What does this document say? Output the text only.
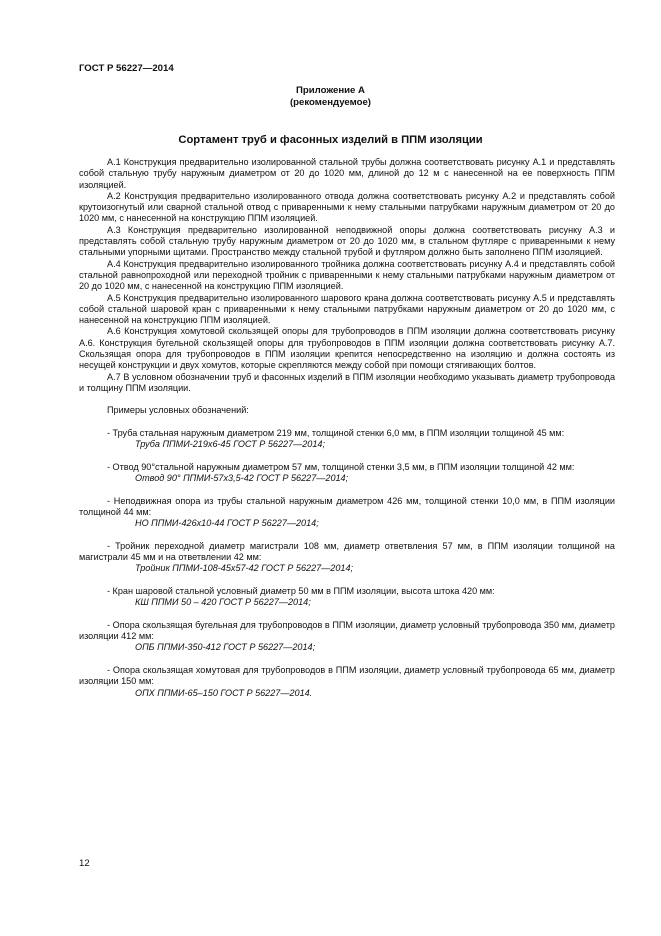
ГОСТ Р 56227—2014
Приложение А
(рекомендуемое)
Сортамент труб и фасонных изделий в ППМ изоляции

А.1 Конструкция предварительно изолированной стальной трубы должна соответствовать рисунку А.1 и представлять собой стальную трубу наружным диаметром от 20 до 1020 мм, длиной до 12 м с нанесенной на ее поверхность ППМ изоляцией.

А.2 Конструкция предварительно изолированного отвода должна соответствовать рисунку А.2 и представлять собой крутоизогнутый или сварной стальной отвод с приваренными к нему стальными патрубками наружным диаметром от 20 до 1020 мм, с нанесенной на конструкцию ППМ изоляцией.

А.3 Конструкция предварительно изолированной неподвижной опоры должна соответствовать рисунку А.3 и представлять собой стальную трубу наружным диаметром от 20 до 1020 мм, в стальном футляре с приваренными к нему стальными упорными щитами. Пространство между стальной трубой и футляром должно быть заполнено ППМ изоляцией.

А.4 Конструкция предварительно изолированного тройника должна соответствовать рисунку А.4 и представлять собой стальной равнопроходной или переходной тройник с приваренными к нему стальными патрубками наружным диаметром от 20 до 1020 мм, с нанесенной на конструкцию ППМ изоляцией.

А.5 Конструкция предварительно изолированного шарового крана должна соответствовать рисунку А.5 и представлять собой стальной шаровой кран с приваренными к нему стальными патрубками наружным диаметром от 20 до 1020 мм, с нанесенной на конструкцию ППМ изоляцией.

А.6 Конструкция хомутовой скользящей опоры для трубопроводов в ППМ изоляции должна соответствовать рисунку А.6. Конструкция бугельной скользящей опоры для трубопроводов в ППМ изоляции должна соответствовать рисунку А.7. Скользящая опора для трубопроводов в ППМ изоляции крепится непосредственно на изоляцию и должна состоять из несущей конструкции и двух хомутов, которые скрепляются между собой при помощи стягивающих болтов.

А.7 В условном обозначении труб и фасонных изделий в ППМ изоляции необходимо указывать диаметр трубопровода и толщину ППМ изоляции.

Примеры условных обозначений:

- Труба стальная наружным диаметром 219 мм, толщиной стенки 6,0 мм, в ППМ изоляции толщиной 45 мм:

Труба ППМИ-219х6-45 ГОСТ Р 56227—2014;

- Отвод 90°стальной наружным диаметром 57 мм, толщиной стенки 3,5 мм, в ППМ изоляции толщиной 42 мм:

Отвод 90° ППМИ-57х3,5-42 ГОСТ Р 56227—2014;

- Неподвижная опора из трубы стальной наружным диаметром 426 мм, толщиной стенки 10,0 мм, в ППМ изоляции толщиной 44 мм:

НО ППМИ-426х10-44 ГОСТ Р 56227—2014;

- Тройник переходной диаметр магистрали 108 мм, диаметр ответвления 57 мм, в ППМ изоляции толщиной на магистрали 45 мм и на ответвлении 42 мм:

Тройник ППМИ-108-45х57-42 ГОСТ Р 56227—2014;

- Кран шаровой стальной условный диаметр 50 мм в ППМ изоляции, высота штока 420 мм:

КШ ППМИ 50 – 420 ГОСТ Р 56227—2014;

- Опора скользящая бугельная для трубопроводов в ППМ изоляции, диаметр условный трубопровода 350 мм, диаметр изоляции 412 мм:

ОПБ ППМИ-350-412 ГОСТ Р 56227—2014;

- Опора скользящая хомутовая для трубопроводов в ППМ изоляции, диаметр условный трубопровода 65 мм, диаметр изоляции 150 мм:

ОПХ ППМИ-65–150 ГОСТ Р 56227—2014.

12
